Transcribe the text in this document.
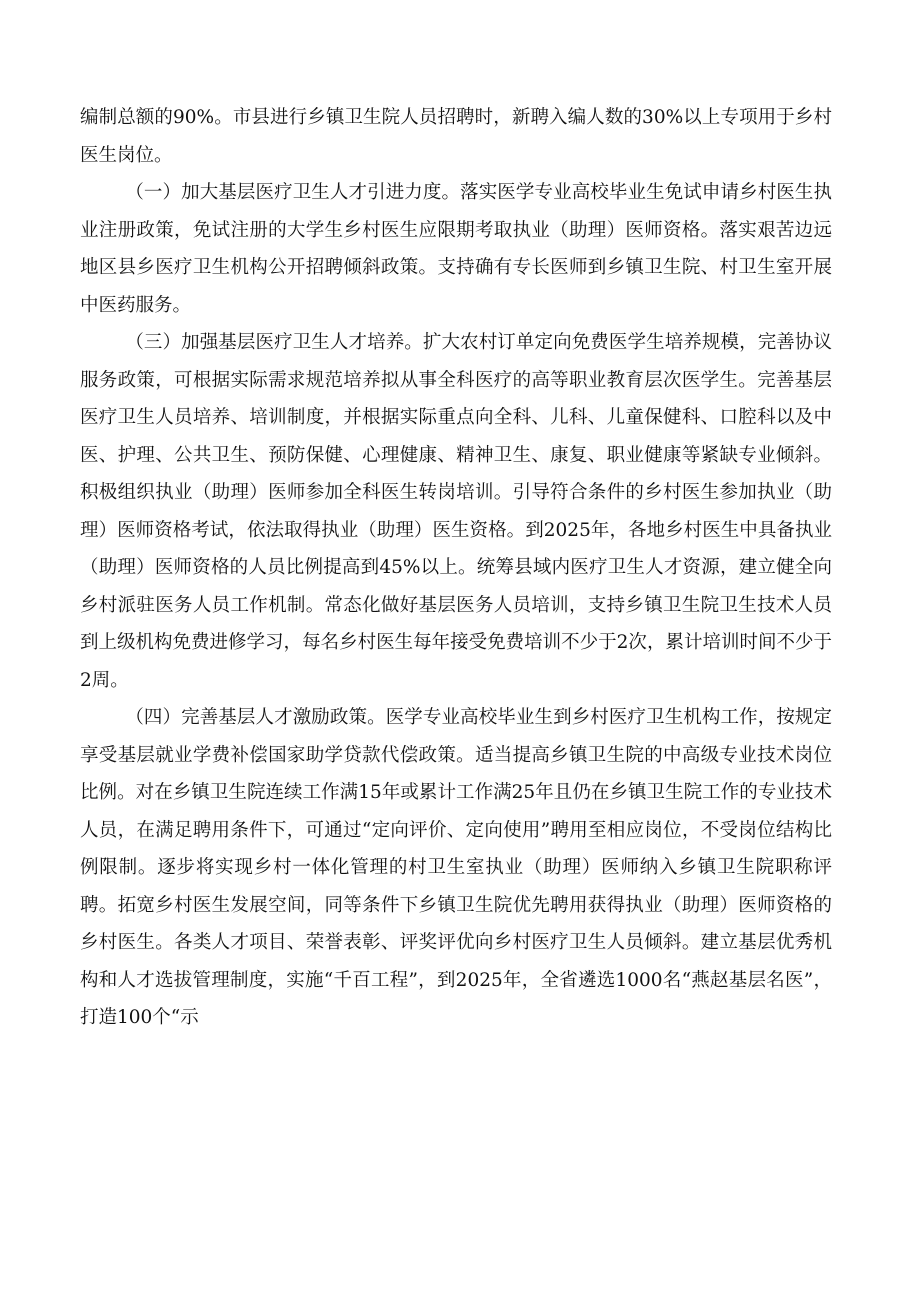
编制总额的90%。市县进行乡镇卫生院人员招聘时，新聘入编人数的30%以上专项用于乡村医生岗位。

（一）加大基层医疗卫生人才引进力度。落实医学专业高校毕业生免试申请乡村医生执业注册政策，免试注册的大学生乡村医生应限期考取执业（助理）医师资格。落实艰苦边远地区县乡医疗卫生机构公开招聘倾斜政策。支持确有专长医师到乡镇卫生院、村卫生室开展中医药服务。

（三）加强基层医疗卫生人才培养。扩大农村订单定向免费医学生培养规模，完善协议服务政策，可根据实际需求规范培养拟从事全科医疗的高等职业教育层次医学生。完善基层医疗卫生人员培养、培训制度，并根据实际重点向全科、儿科、儿童保健科、口腔科以及中医、护理、公共卫生、预防保健、心理健康、精神卫生、康复、职业健康等紧缺专业倾斜。积极组织执业（助理）医师参加全科医生转岗培训。引导符合条件的乡村医生参加执业（助理）医师资格考试，依法取得执业（助理）医生资格。到2025年，各地乡村医生中具备执业（助理）医师资格的人员比例提高到45%以上。统筹县域内医疗卫生人才资源，建立健全向乡村派驻医务人员工作机制。常态化做好基层医务人员培训，支持乡镇卫生院卫生技术人员到上级机构免费进修学习，每名乡村医生每年接受免费培训不少于2次，累计培训时间不少于2周。

（四）完善基层人才激励政策。医学专业高校毕业生到乡村医疗卫生机构工作，按规定享受基层就业学费补偿国家助学贷款代偿政策。适当提高乡镇卫生院的中高级专业技术岗位比例。对在乡镇卫生院连续工作满15年或累计工作满25年且仍在乡镇卫生院工作的专业技术人员，在满足聘用条件下，可通过“定向评价、定向使用”聘用至相应岗位，不受岗位结构比例限制。逐步将实现乡村一体化管理的村卫生室执业（助理）医师纳入乡镇卫生院职称评聘。拓宽乡村医生发展空间，同等条件下乡镇卫生院优先聘用获得执业（助理）医师资格的乡村医生。各类人才项目、荣誉表彰、评奖评优向乡村医疗卫生人员倾斜。建立基层优秀机构和人才选拔管理制度，实施“千百工程”，到2025年，全省遴选1000名“燕赵基层名医”，打造100个“示
